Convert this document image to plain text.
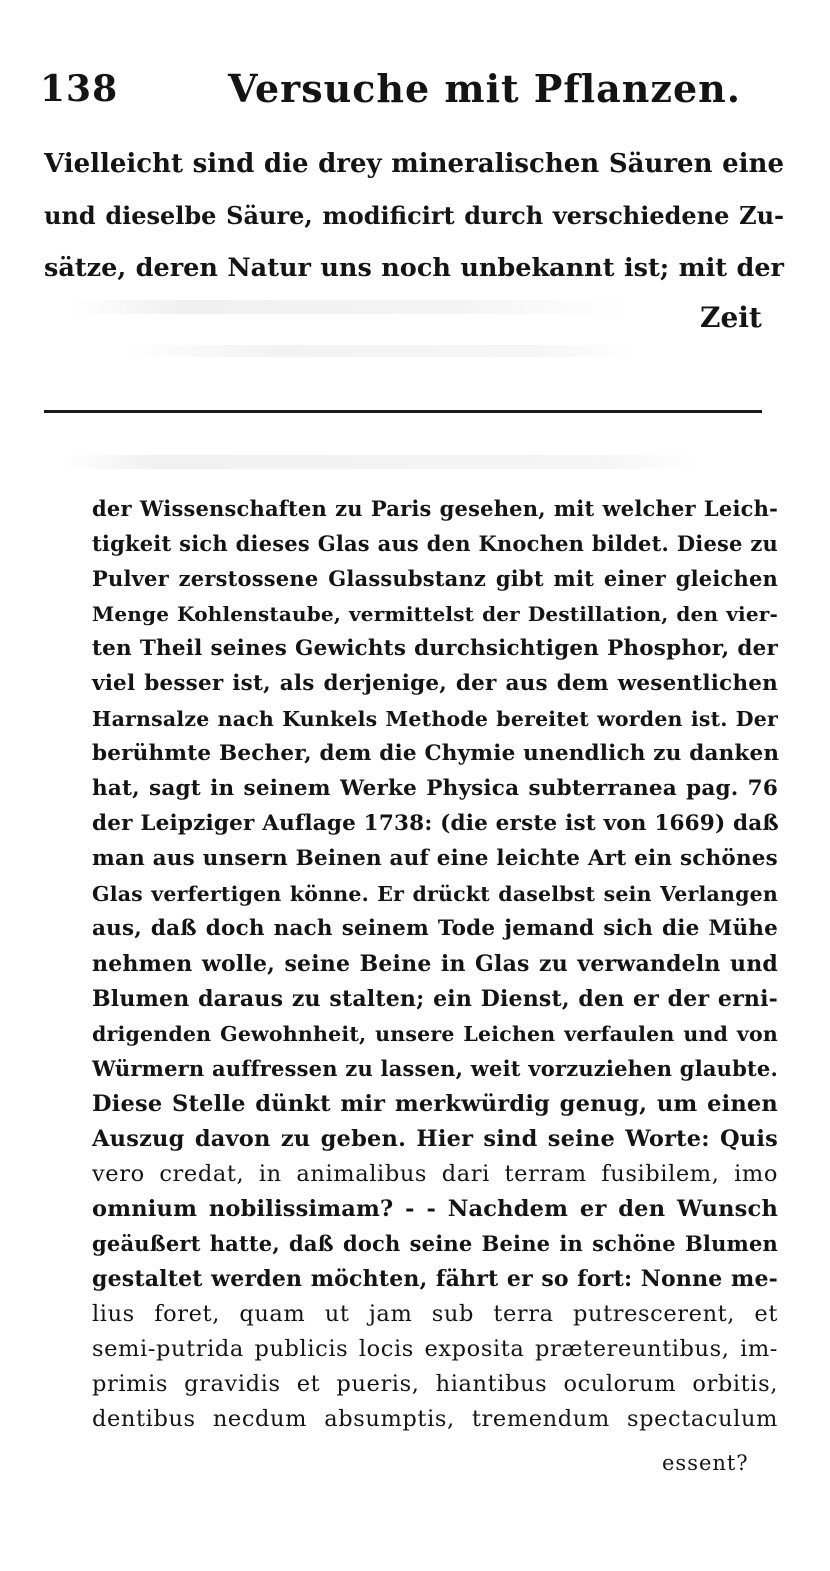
138	Versuche mit Pflanzen.
Vielleicht sind die drey mineralischen Säuren eine
und dieselbe Säure, modificirt durch verschiedene Zu-
sätze, deren Natur uns noch unbekannt ist; mit der
Zeit
der Wissenschaften zu Paris gesehen, mit welcher Leich-
tigkeit sich dieses Glas aus den Knochen bildet. Diese zu
Pulver zerstossene Glassubstanz gibt mit einer gleichen
Menge Kohlenstaube, vermittelst der Destillation, den vier-
ten Theil seines Gewichts durchsichtigen Phosphor, der
viel besser ist, als derjenige, der aus dem wesentlichen
Harnsalze nach Kunkels Methode bereitet worden ist. Der
berühmte Becher, dem die Chymie unendlich zu danken
hat, sagt in seinem Werke Physica subterranea pag. 76
der Leipziger Auflage 1738: (die erste ist von 1669) daß
man aus unsern Beinen auf eine leichte Art ein schönes
Glas verfertigen könne. Er drückt daselbst sein Verlangen
aus, daß doch nach seinem Tode jemand sich die Mühe
nehmen wolle, seine Beine in Glas zu verwandeln und
Blumen daraus zu stalten; ein Dienst, den er der erni-
drigenden Gewohnheit, unsere Leichen verfaulen und von
Würmern auffressen zu lassen, weit vorzuziehen glaubte.
Diese Stelle dünkt mir merkwürdig genug, um einen
Auszug davon zu geben. Hier sind seine Worte: Quis
vero credat, in animalibus dari terram fusibilem, imo
omnium nobilissimam? - - Nachdem er den Wunsch
geäußert hatte, daß doch seine Beine in schöne Blumen
gestaltet werden möchten, fährt er so fort: Nonne me-
lius foret, quam ut jam sub terra putrescerent, et
semi-putrida publicis locis exposita prætereuntibus, im-
primis gravidis et pueris, hiantibus oculorum orbitis,
dentibus necdum absumptis, tremendum spectaculum
essent?
